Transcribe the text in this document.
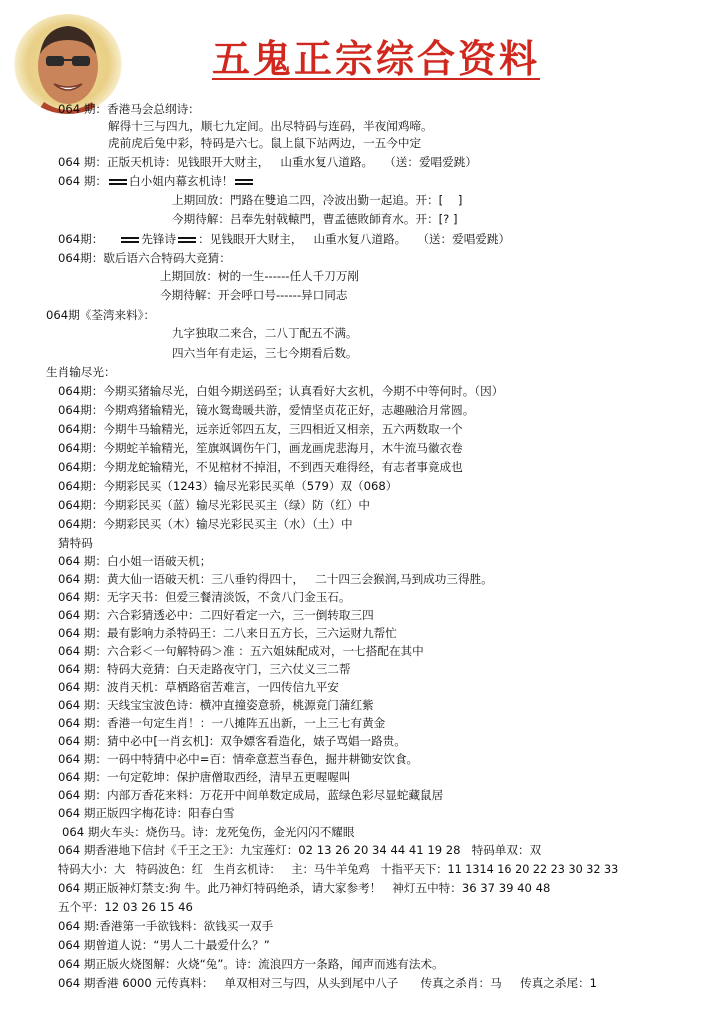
五鬼正宗综合资料
064 期：香港马会总纲诗：
解得十三与四九，顺七九定间。出尽特码与连码，半夜闻鸡啼。
虎前虎后兔中彩，特码是六七。鼠上鼠下站两边，一五今中定
064 期：正版天机诗：见钱眼开大财主，   山重水复八道路。   （送：爱唱爱跳）
064 期： 白小姐内幕玄机诗！
上期回放：門路在雙追二四，冷波出勤一起追。开：[    ]
今期待解：吕奉先射戟轅門，曹孟德敗師育水。开：[? ]
064期：	先锋诗 ：见钱眼开大财主，   山重水复八道路。   （送：爱唱爱跳）
064期：歇后语六合特码大竞猜：
上期回放：树的一生------任人千刀万剐
今期待解：开会呼口号------异口同志
064期《荃湾来料》：
九字独取二来合，二八丁配五不满。
四六当年有走运，三七今期看后数。
生肖输尽光：
064期：今期买猪输尽光，白姐今期送码至；认真看好大玄机，今期不中等何时。（因）
064期：今期鸡猪输精光，镜水鸳鸯暖共游，爱情坚贞花正好，志趣融洽月常圆。
064期：今期牛马输精光，远亲近邻四五友，三四相近又相亲，五六两数取一个
064期：今期蛇羊输精光，笙旗飒调伤午门，画龙画虎悲海月，木牛流马徽衣卷
064期：今期龙蛇输精光，不见棺材不掉泪，不到西天难得经，有志者事竟成也
064期：今期彩民买（1243）输尽光彩民买单（579）双（068）
064期：今期彩民买（蓝）输尽光彩民买主（绿）防（红）中
064期：今期彩民买（木）输尽光彩民买主（水）（土）中
猜特码
064 期：白小姐一语破天机；
064 期：黄大仙一语破天机：三八垂钓得四十，   二十四三会猴润,马到成功三得胜。
064 期：无字天书：但爱三餐清淡饭，不贪八门金玉石。
064 期：六合彩猜透必中：二四好看定一六，三一倒转取三四
064 期：最有影响力杀特码王：二八来日五方长，三六运财九帮忙
064 期：六合彩＜一句解特码＞准 ：五六姐妹配成对，一七搭配在其中
064 期：特码大竞猜：白天走路夜守门，三六仗义三二帮
064 期：波肖天机：草栖路宿苦难言，一四传信九平安
064 期：天线宝宝波色诗：横冲直撞姿意骄，桃源竟门蒲红紫
064 期：香港一句定生肖！：一八摊阵五出新，一上三七有黄金
064 期：猜中必中[一肖玄机]：双争嫖客看造化，婊子骂娼一路贵。
064 期：一码中特猜中必中=百：情牵意惹当春色，掘井耕锄安饮食。
064 期：一句定乾坤：保护唐僧取西经，清早五更喔喔叫
064 期：内部万香花来料：万花开中间单数定成局，蓝绿色彩尽显蛇藏鼠居
064 期正版四字梅花诗：阳春白雪
064 期火车头：烧伤马。诗：龙死兔伤，金光闪闪不耀眼
064 期香港地下信封《千王之王》：九宝莲灯：02 13 26 20 34 44 41 19 28   特码单双：双
特码大小：大   特码波色：红   生肖玄机诗：   主：马牛羊兔鸡   十指平天下：11 1314 16 20 22 23 30 32 33
064 期正版神灯禁支:狗 牛。此乃神灯特码绝杀，请大家参考！   神灯五中特：36 37 39 40 48
五个平：12 03 26 15 46
064 期:香港第一手欲钱料：欲钱买一双手
064 期曾道人说：“男人二十最爱什么？”
064 期正版火烧图解：火烧“兔”。诗：流浪四方一条路，闻声而逃有法术。
064 期香港 6000 元传真料：   单双相对三与四，从头到尾中八子      传真之杀肖：马     传真之杀尾：1
